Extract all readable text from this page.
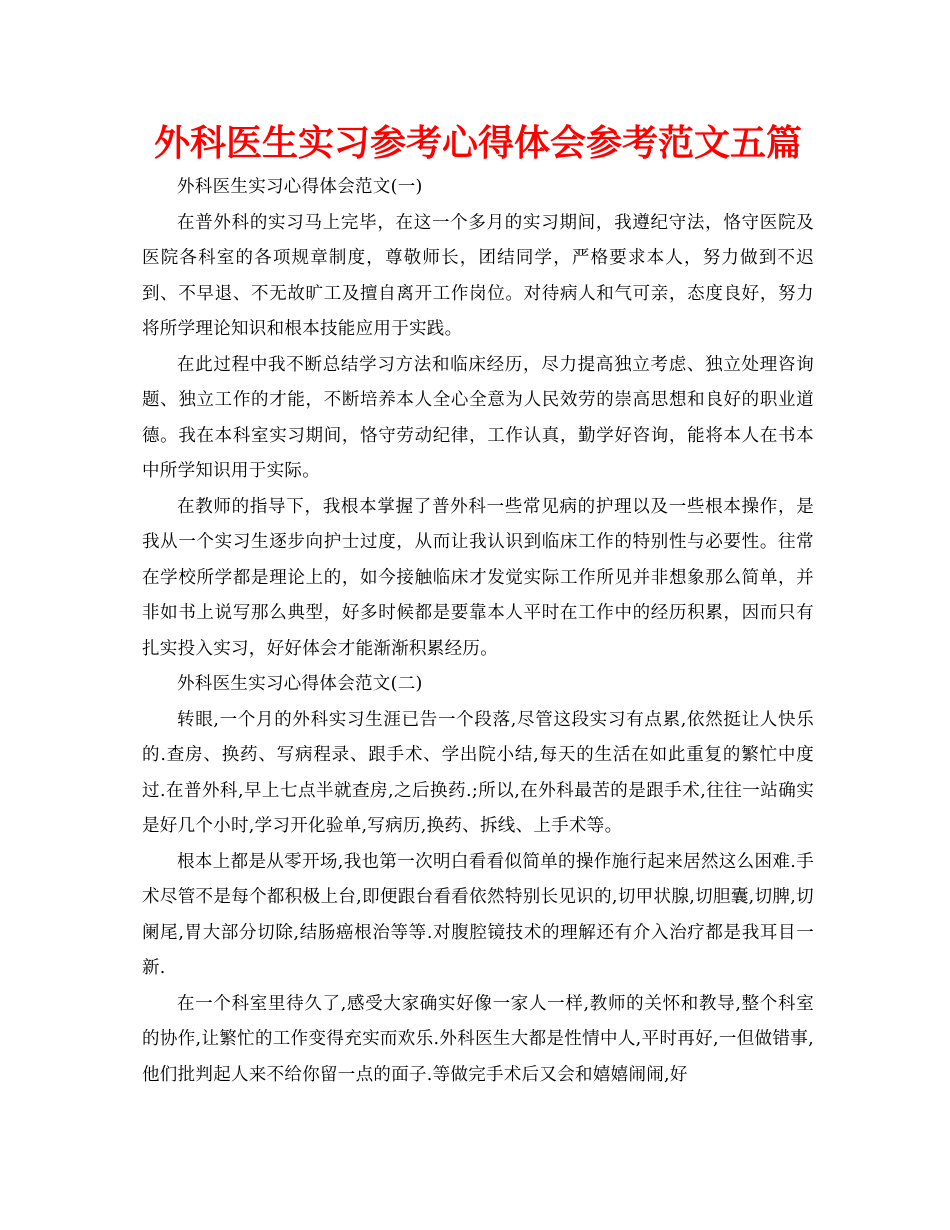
外科医生实习参考心得体会参考范文五篇

外科医生实习心得体会范文(一)

在普外科的实习马上完毕，在这一个多月的实习期间，我遵纪守法，恪守医院及医院各科室的各项规章制度，尊敬师长，团结同学，严格要求本人，努力做到不迟到、不早退、不无故旷工及擅自离开工作岗位。对待病人和气可亲，态度良好，努力将所学理论知识和根本技能应用于实践。

在此过程中我不断总结学习方法和临床经历，尽力提高独立考虑、独立处理咨询题、独立工作的才能，不断培养本人全心全意为人民效劳的崇高思想和良好的职业道德。我在本科室实习期间，恪守劳动纪律，工作认真，勤学好咨询，能将本人在书本中所学知识用于实际。

在教师的指导下，我根本掌握了普外科一些常见病的护理以及一些根本操作，是我从一个实习生逐步向护士过度，从而让我认识到临床工作的特别性与必要性。往常在学校所学都是理论上的，如今接触临床才发觉实际工作所见并非想象那么简单，并非如书上说写那么典型，好多时候都是要靠本人平时在工作中的经历积累，因而只有扎实投入实习，好好体会才能渐渐积累经历。

外科医生实习心得体会范文(二)

转眼,一个月的外科实习生涯已告一个段落,尽管这段实习有点累,依然挺让人快乐的.查房、换药、写病程录、跟手术、学出院小结,每天的生活在如此重复的繁忙中度过.在普外科,早上七点半就查房,之后换药.;所以,在外科最苦的是跟手术,往往一站确实是好几个小时,学习开化验单,写病历,换药、拆线、上手术等。

根本上都是从零开场,我也第一次明白看看似简单的操作施行起来居然这么困难.手术尽管不是每个都积极上台,即便跟台看看依然特别长见识的,切甲状腺,切胆囊,切脾,切阑尾,胃大部分切除,结肠癌根治等等.对腹腔镜技术的理解还有介入治疗都是我耳目一新.

在一个科室里待久了,感受大家确实好像一家人一样,教师的关怀和教导,整个科室的协作,让繁忙的工作变得充实而欢乐.外科医生大都是性情中人,平时再好,一但做错事,他们批判起人来不给你留一点的面子.等做完手术后又会和嬉嬉闹闹,好
